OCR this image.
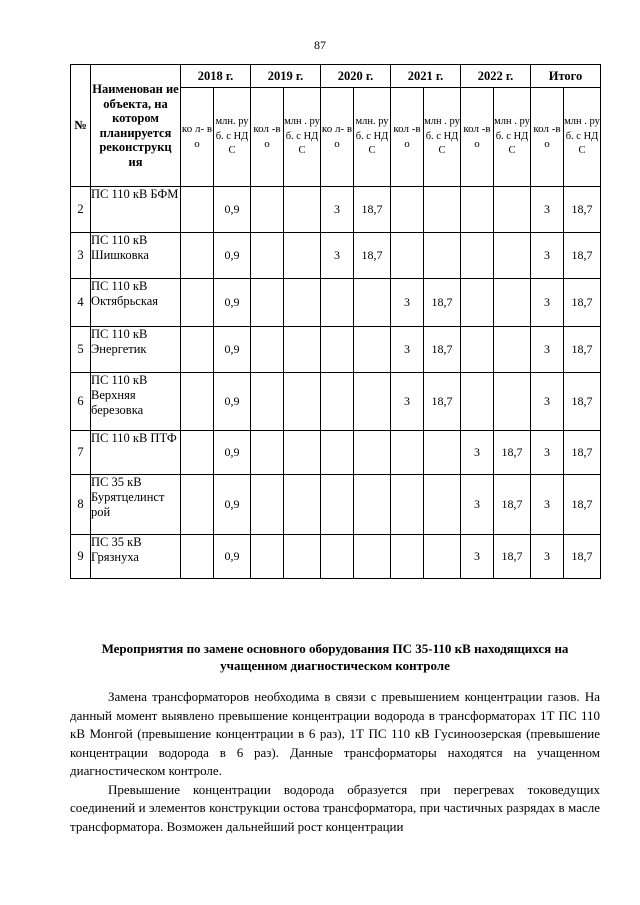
87
№	Наименован ие объекта, на котором планируется реконструкц ия	2018 г.		2019 г.		2020 г.		2021 г.		2022 г.		Итого	
		ко л- во	млн. руб. с НД С	кол -во	млн . руб. с НД С	ко л- во	млн. руб. с НД С	кол -во	млн . руб. с НД С	кол -во	млн . руб. с НД С	кол -во	млн . руб. с НД С
2	ПС 110 кВ БФМ		0,9			3	18,7					3	18,7
3	ПС 110 кВ Шишковка		0,9			3	18,7					3	18,7
4	ПС 110 кВ Октябрьская		0,9					3	18,7			3	18,7
5	ПС 110 кВ Энергетик		0,9					3	18,7			3	18,7
6	ПС 110 кВ Верхняя березовка		0,9					3	18,7			3	18,7
7	ПС 110 кВ ПТФ		0,9							3	18,7	3	18,7
8	ПС 35 кВ Бурятцелинст рой		0,9							3	18,7	3	18,7
9	ПС 35 кВ Грязнуха		0,9							3	18,7	3	18,7
Мероприятия по замене основного оборудования ПС 35-110 кВ находящихся на учащенном диагностическом контроле

Замена трансформаторов необходима в связи с превышением концентрации газов. На данный момент выявлено превышение концентрации водорода в трансформаторах 1Т ПС 110 кВ Монгой (превышение концентрации в 6 раз), 1Т ПС 110 кВ Гусиноозерская (превышение концентрации водорода в 6 раз). Данные трансформаторы находятся на учащенном диагностическом контроле.

Превышение концентрации водорода образуется при перегревах токоведущих соединений и элементов конструкции остова трансформатора, при частичных разрядах в масле трансформатора. Возможен дальнейший рост концентрации
